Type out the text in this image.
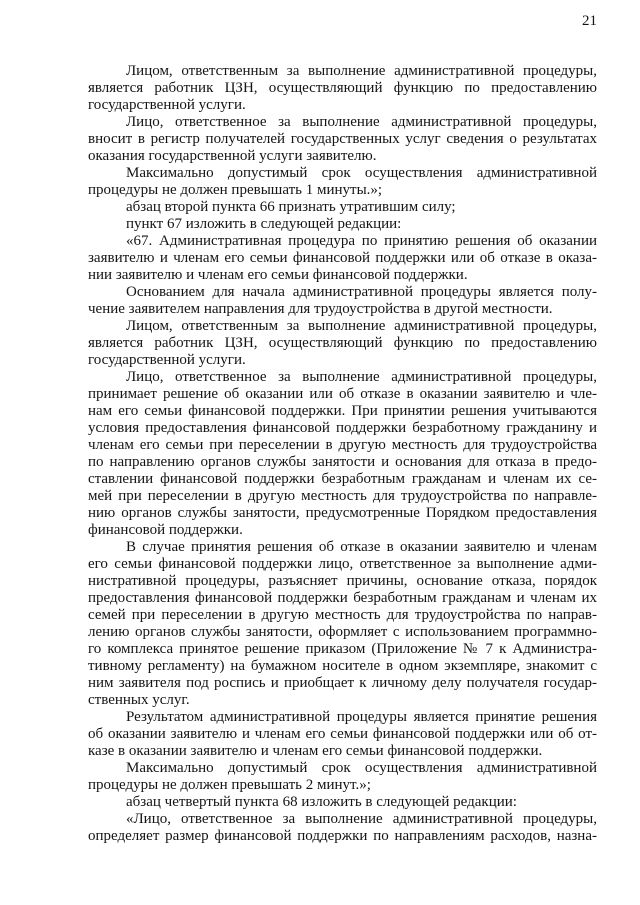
21
Лицом, ответственным за выполнение административной процедуры,
является работник ЦЗН, осуществляющий функцию по предоставлению
государственной услуги.
Лицо, ответственное за выполнение административной процедуры,
вносит в регистр получателей государственных услуг сведения о результатах
оказания государственной услуги заявителю.
Максимально допустимый срок осуществления административной
процедуры не должен превышать 1 минуты.»;
абзац второй пункта 66 признать утратившим силу;
пункт 67 изложить в следующей редакции:
«67. Административная процедура по принятию решения об оказании
заявителю и членам его семьи финансовой поддержки или об отказе в оказа-
нии заявителю и членам его семьи финансовой поддержки.
Основанием для начала административной процедуры является полу-
чение заявителем направления для трудоустройства в другой местности.
Лицом, ответственным за выполнение административной процедуры,
является работник ЦЗН, осуществляющий функцию по предоставлению
государственной услуги.
Лицо, ответственное за выполнение административной процедуры,
принимает решение об оказании или об отказе в оказании заявителю и чле-
нам его семьи финансовой поддержки. При принятии решения учитываются
условия предоставления финансовой поддержки безработному гражданину и
членам его семьи при переселении в другую местность для трудоустройства
по направлению органов службы занятости и основания для отказа в предо-
ставлении финансовой поддержки безработным гражданам и членам их се-
мей при переселении в другую местность для трудоустройства по направле-
нию органов службы занятости, предусмотренные Порядком предоставления
финансовой поддержки.
В случае принятия решения об отказе в оказании заявителю и членам
его семьи финансовой поддержки лицо, ответственное за выполнение адми-
нистративной процедуры, разъясняет причины, основание отказа, порядок
предоставления финансовой поддержки безработным гражданам и членам их
семей при переселении в другую местность для трудоустройства по направ-
лению органов службы занятости, оформляет с использованием программно-
го комплекса принятое решение приказом (Приложение № 7 к Администра-
тивному регламенту) на бумажном носителе в одном экземпляре, знакомит с
ним заявителя под роспись и приобщает к личному делу получателя государ-
ственных услуг.
Результатом административной процедуры является принятие решения
об оказании заявителю и членам его семьи финансовой поддержки или об от-
казе в оказании заявителю и членам его семьи финансовой поддержки.
Максимально допустимый срок осуществления административной
процедуры не должен превышать 2 минут.»;
абзац четвертый пункта 68 изложить в следующей редакции:
«Лицо, ответственное за выполнение административной процедуры,
определяет размер финансовой поддержки по направлениям расходов, назна-
